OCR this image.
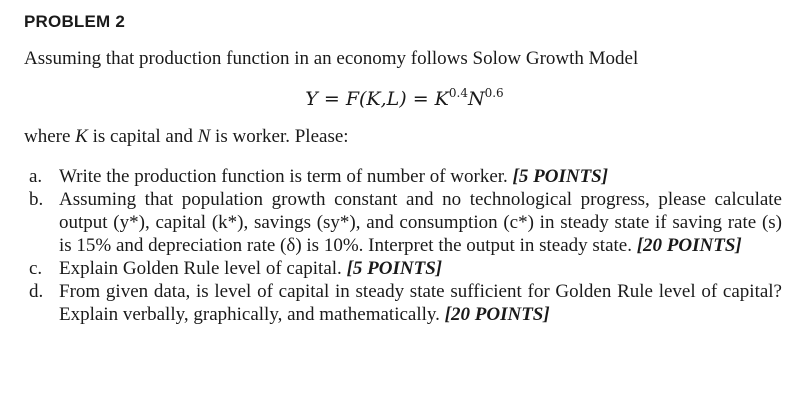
PROBLEM 2
Assuming that production function in an economy follows Solow Growth Model
$Y = F(K,L) = K^{0.4}N^{0.6}$
where K is capital and N is worker. Please:
a. Write the production function is term of number of worker. [5 POINTS]
b. Assuming that population growth constant and no technological progress, please calculate output (y*), capital (k*), savings (sy*), and consumption (c*) in steady state if saving rate (s) is 15% and depreciation rate (δ) is 10%. Interpret the output in steady state. [20 POINTS]
c. Explain Golden Rule level of capital. [5 POINTS]
d. From given data, is level of capital in steady state sufficient for Golden Rule level of capital? Explain verbally, graphically, and mathematically. [20 POINTS]
